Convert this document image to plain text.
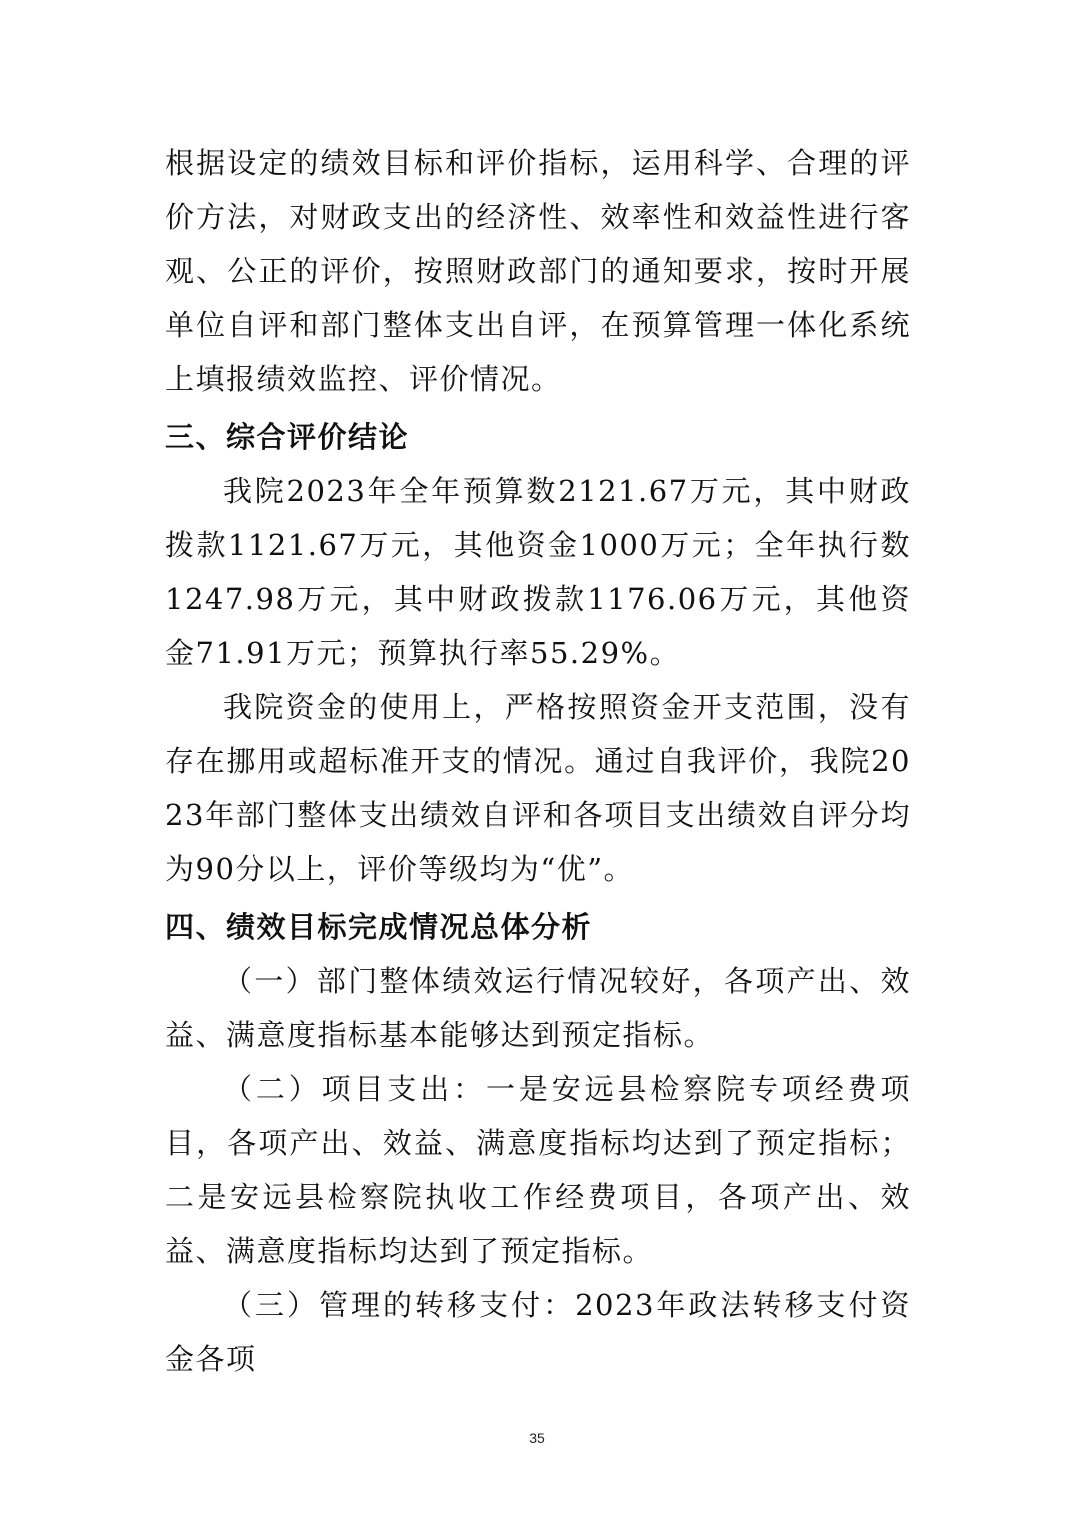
根据设定的绩效目标和评价指标，运用科学、合理的评价方法，对财政支出的经济性、效率性和效益性进行客观、公正的评价，按照财政部门的通知要求，按时开展单位自评和部门整体支出自评，在预算管理一体化系统上填报绩效监控、评价情况。

三、综合评价结论

我院2023年全年预算数2121.67万元，其中财政拨款1121.67万元，其他资金1000万元；全年执行数1247.98万元，其中财政拨款1176.06万元，其他资金71.91万元；预算执行率55.29%。

我院资金的使用上，严格按照资金开支范围，没有存在挪用或超标准开支的情况。通过自我评价，我院2023年部门整体支出绩效自评和各项目支出绩效自评分均为90分以上，评价等级均为“优”。

四、绩效目标完成情况总体分析

（一）部门整体绩效运行情况较好，各项产出、效益、满意度指标基本能够达到预定指标。

（二）项目支出：一是安远县检察院专项经费项目，各项产出、效益、满意度指标均达到了预定指标；二是安远县检察院执收工作经费项目，各项产出、效益、满意度指标均达到了预定指标。

（三）管理的转移支付：2023年政法转移支付资金各项

35
